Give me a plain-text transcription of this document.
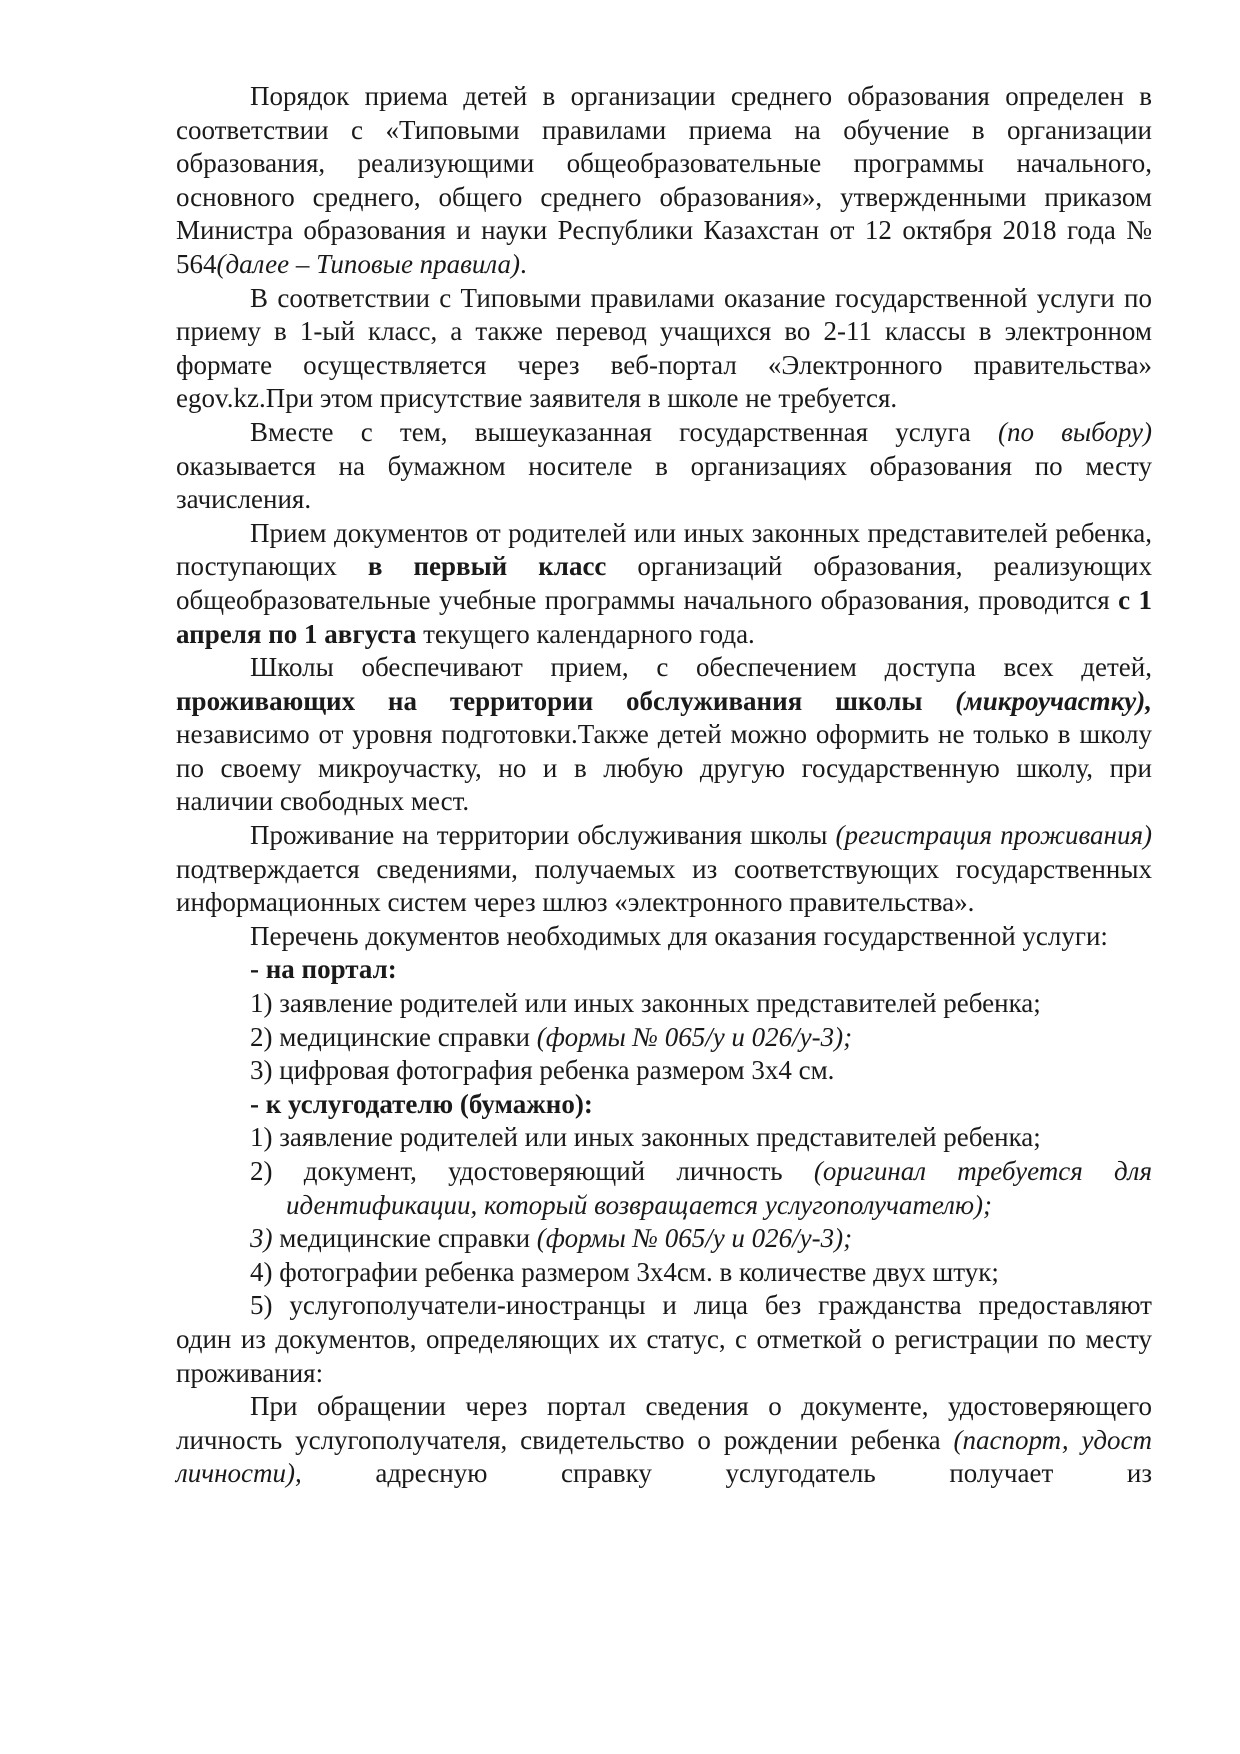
Порядок приема детей в организации среднего образования определен в соответствии с «Типовыми правилами приема на обучение в организации образования, реализующими общеобразовательные программы начального, основного среднего, общего среднего образования», утвержденными приказом Министра образования и науки Республики Казахстан от 12 октября 2018 года № 564(далее – Типовые правила).

В соответствии с Типовыми правилами оказание государственной услуги по приему в 1-ый класс, а также перевод учащихся во 2-11 классы в электронном формате осуществляется через веб-портал «Электронного правительства» egov.kz.При этом присутствие заявителя в школе не требуется.

Вместе с тем, вышеуказанная государственная услуга (по выбору) оказывается на бумажном носителе в организациях образования по месту зачисления.

Прием документов от родителей или иных законных представителей ребенка, поступающих в первый класс организаций образования, реализующих общеобразовательные учебные программы начального образования, проводится с 1 апреля по 1 августа текущего календарного года.

Школы обеспечивают прием, с обеспечением доступа всех детей, проживающих на территории обслуживания школы (микроучастку), независимо от уровня подготовки.Также детей можно оформить не только в школу по своему микроучастку, но и в любую другую государственную школу, при наличии свободных мест.

Проживание на территории обслуживания школы (регистрация проживания) подтверждается сведениями, получаемых из соответствующих государственных информационных систем через шлюз «электронного правительства».

Перечень документов необходимых для оказания государственной услуги:

- на портал:

1) заявление родителей или иных законных представителей ребенка;

2) медицинские справки (формы № 065/у и 026/у-3);

3) цифровая фотография ребенка размером 3х4 см.

- к услугодателю (бумажно):

1) заявление родителей или иных законных представителей ребенка;

2) документ, удостоверяющий личность (оригинал требуется для идентификации, который возвращается услугополучателю);

3) медицинские справки (формы № 065/у и 026/у-3);

4) фотографии ребенка размером 3х4см. в количестве двух штук;

5) услугополучатели-иностранцы и лица без гражданства предоставляют один из документов, определяющих их статус, с отметкой о регистрации по месту проживания:

При обращении через портал сведения о документе, удостоверяющего личность услугополучателя, свидетельство о рождении ребенка (паспорт, удост личности), адресную справку услугодатель получает из
